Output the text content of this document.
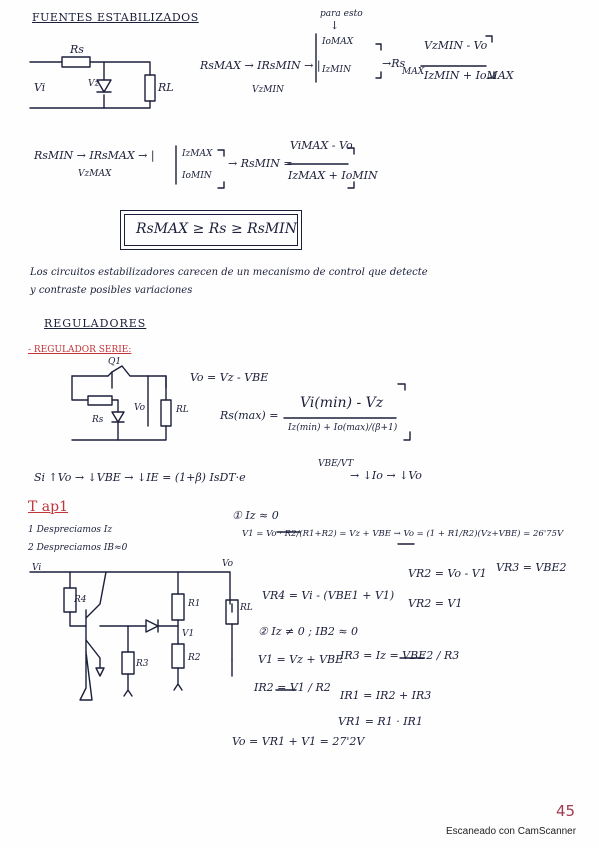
FUENTES ESTABILIZADOS
Rs
Vi	Vz	RL
para esto
↓
RsMAX → IRsMIN → |
IoMAX
IzMIN
VzMIN
→Rs
MAX
VzMIN - Vo
IzMIN + IoMAX
RsMIN → IRsMAX → |
VzMAX
IzMAX
IoMIN
→ RsMIN =
ViMAX - Vo
IzMAX + IoMIN
RsMAX ≥ Rs ≥ RsMIN
Los circuitos estabilizadores carecen de un mecanismo de control que detecte
y contraste posibles variaciones
REGULADORES
- REGULADOR SERIE:
Q1
Rs
Vo	RL
Vo = Vz - VBE
Rs(max) =
Vi(min) - Vz
Iz(min) + Io(max)/(β+1)
Si ↑Vo → ↓VBE → ↓IE = (1+β) IsDT·e
VBE/VT
→ ↓Io → ↓Vo
T ap1
1 Despreciamos Iz
2 Despreciamos IB≈0
Vi	Vo
R4	R1
V1
R3
R2
RL
① Iz ≈ 0
V1 = Vo · R2/(R1+R2) = Vz + VBE → Vo = (1 + R1/R2)(Vz+VBE) = 26'75V
VR2 = Vo - V1 VR3 = VBE2
VR4 = Vi - (VBE1 + V1)
VR2 = V1
② Iz ≠ 0 ; IB2 ≈ 0
V1 = Vz + VBE
IR3 = Iz = VBE2 / R3
IR2 = V1 / R2
IR1 = IR2 + IR3
VR1 = R1 · IR1
Vo = VR1 + V1 = 27'2V
45
Escaneado con CamScanner
